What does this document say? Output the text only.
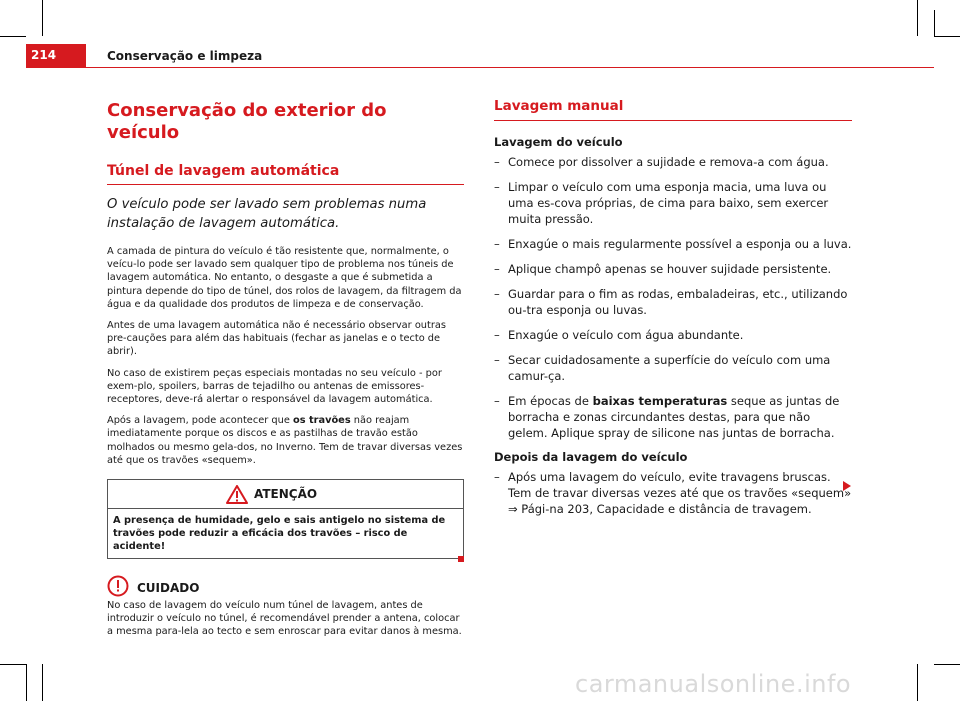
214	Conservação e limpeza
Conservação do exterior do veículo
Túnel de lavagem automática
O veículo pode ser lavado sem problemas numa instalação de lavagem automática.

A camada de pintura do veículo é tão resistente que, normalmente, o veícu-lo pode ser lavado sem qualquer tipo de problema nos túneis de lavagem automática. No entanto, o desgaste a que é submetida a pintura depende do tipo de túnel, dos rolos de lavagem, da filtragem da água e da qualidade dos produtos de limpeza e de conservação.

Antes de uma lavagem automática não é necessário observar outras pre-cauções para além das habituais (fechar as janelas e o tecto de abrir).

No caso de existirem peças especiais montadas no seu veículo - por exem-plo, spoilers, barras de tejadilho ou antenas de emissores-receptores, deve-rá alertar o responsável da lavagem automática.

Após a lavagem, pode acontecer que os travões não reajam imediatamente porque os discos e as pastilhas de travão estão molhados ou mesmo gela-dos, no Inverno. Tem de travar diversas vezes até que os travões «sequem».

ATENÇÃO
A presença de humidade, gelo e sais antigelo no sistema de travões pode reduzir a eficácia dos travões – risco de acidente!
CUIDADO
No caso de lavagem do veículo num túnel de lavagem, antes de introduzir o veículo no túnel, é recomendável prender a antena, colocar a mesma para-lela ao tecto e sem enroscar para evitar danos à mesma.
Lavagem manual
Lavagem do veículo
– Comece por dissolver a sujidade e remova-a com água.
– Limpar o veículo com uma esponja macia, uma luva ou uma es-cova próprias, de cima para baixo, sem exercer muita pressão.
– Enxagúe o mais regularmente possível a esponja ou a luva.
– Aplique champô apenas se houver sujidade persistente.
– Guardar para o fim as rodas, embaladeiras, etc., utilizando ou-tra esponja ou luvas.
– Enxagúe o veículo com água abundante.
– Secar cuidadosamente a superfície do veículo com uma camur-ça.
– Em épocas de baixas temperaturas seque as juntas de borracha e zonas circundantes destas, para que não gelem. Aplique spray de silicone nas juntas de borracha.
Depois da lavagem do veículo
– Após uma lavagem do veículo, evite travagens bruscas. Tem de travar diversas vezes até que os travões «sequem» ⇒ Pági-na 203, Capacidade e distância de travagem.
carmanualsonline.info
